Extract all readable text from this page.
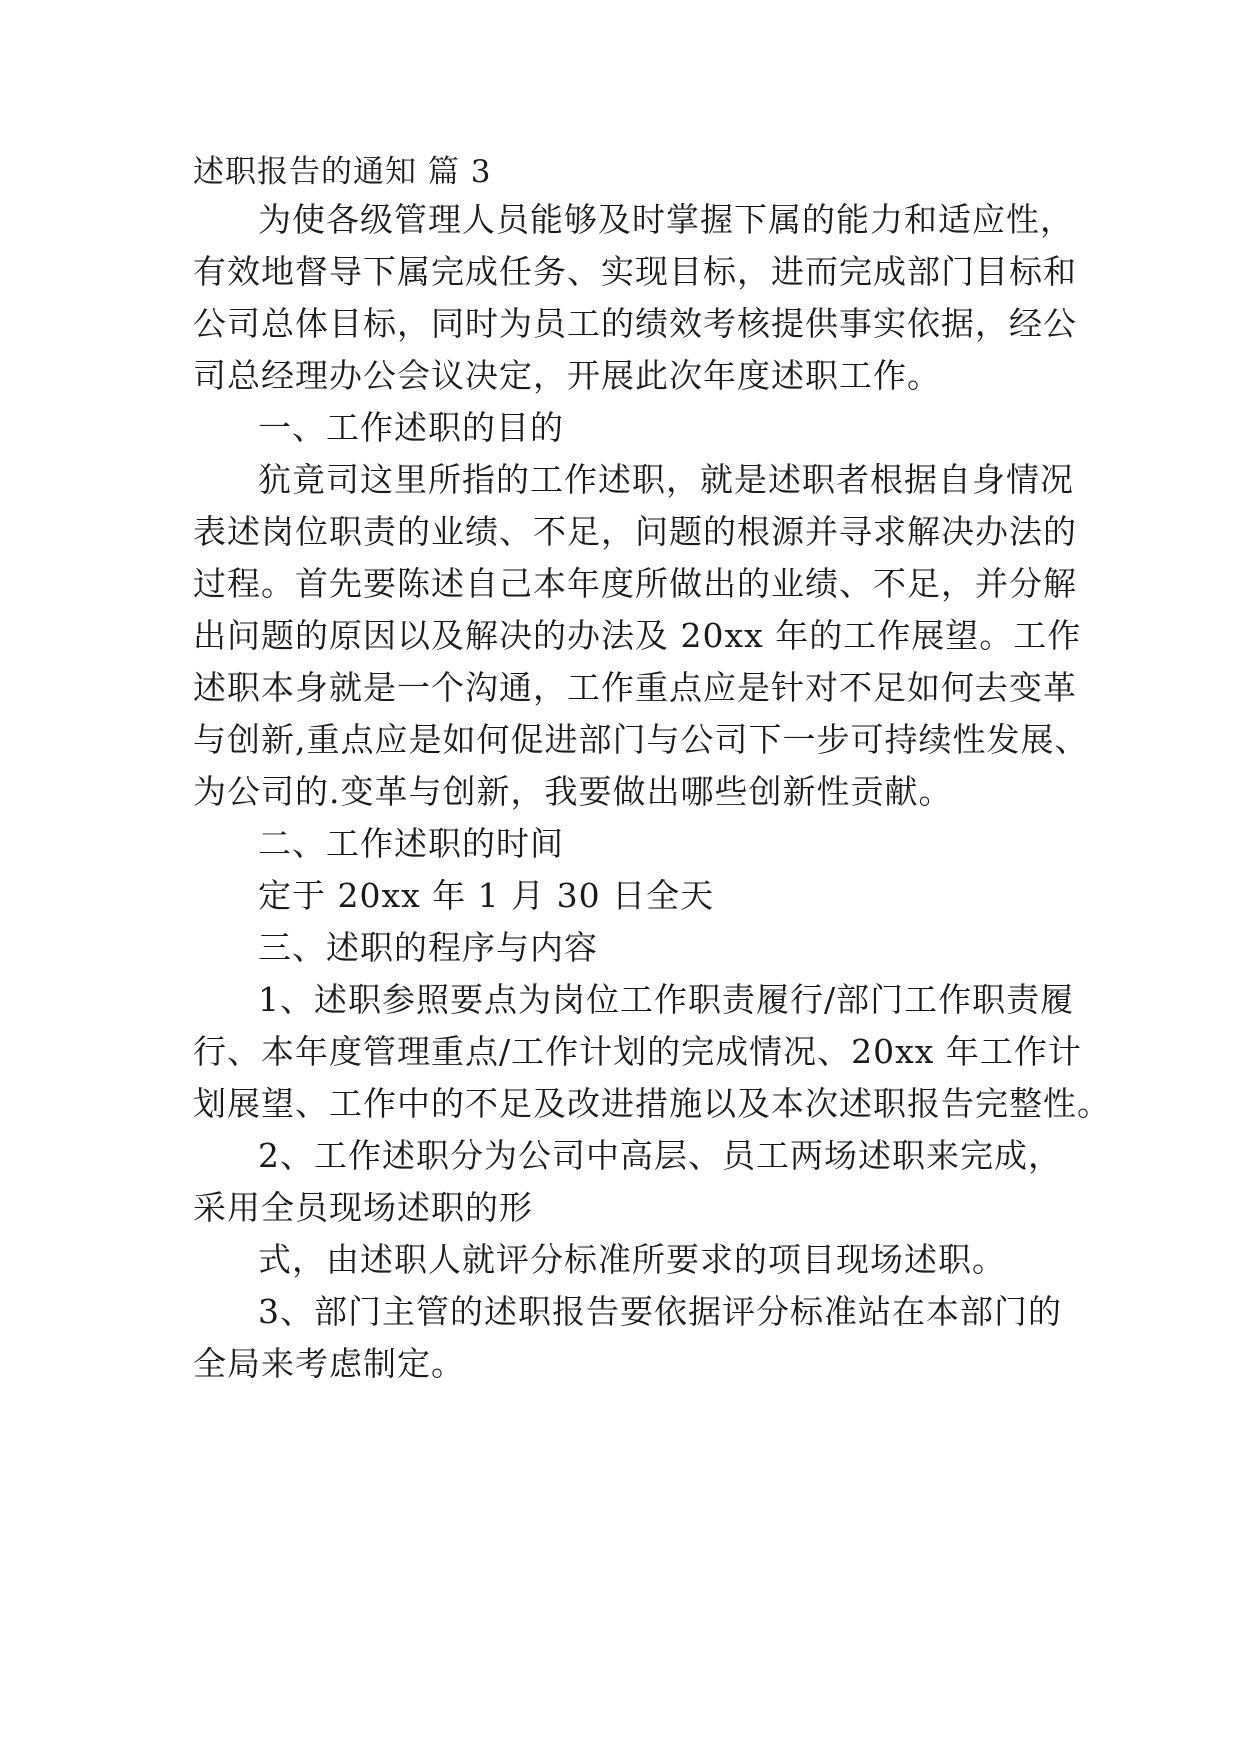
述职报告的通知 篇 3
为使各级管理人员能够及时掌握下属的能力和适应性，
有效地督导下属完成任务、实现目标，进而完成部门目标和
公司总体目标，同时为员工的绩效考核提供事实依据，经公
司总经理办公会议决定，开展此次年度述职工作。
一、工作述职的目的
犺竟司这里所指的工作述职，就是述职者根据自身情况
表述岗位职责的业绩、不足，问题的根源并寻求解决办法的
过程。首先要陈述自己本年度所做出的业绩、不足，并分解
出问题的原因以及解决的办法及 20xx 年的工作展望。工作
述职本身就是一个沟通，工作重点应是针对不足如何去变革
与创新,重点应是如何促进部门与公司下一步可持续性发展、
为公司的.变革与创新，我要做出哪些创新性贡献。
二、工作述职的时间
定于 20xx 年 1 月 30 日全天
三、述职的程序与内容
1、述职参照要点为岗位工作职责履行/部门工作职责履
行、本年度管理重点/工作计划的完成情况、20xx 年工作计
划展望、工作中的不足及改进措施以及本次述职报告完整性。
2、工作述职分为公司中高层、员工两场述职来完成，
采用全员现场述职的形
式，由述职人就评分标准所要求的项目现场述职。
3、部门主管的述职报告要依据评分标准站在本部门的
全局来考虑制定。
